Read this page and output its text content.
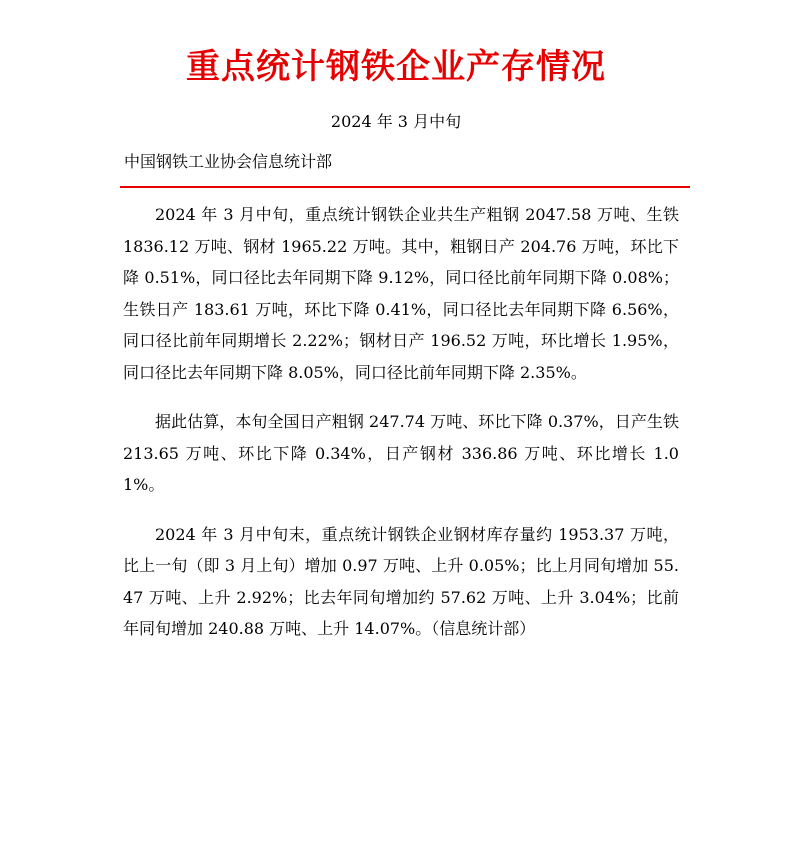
重点统计钢铁企业产存情况
2024 年 3 月中旬
中国钢铁工业协会信息统计部

2024 年 3 月中旬，重点统计钢铁企业共生产粗钢 2047.58 万吨、生铁 1836.12 万吨、钢材 1965.22 万吨。其中，粗钢日产 204.76 万吨，环比下降 0.51%，同口径比去年同期下降 9.12%，同口径比前年同期下降 0.08%；生铁日产 183.61 万吨，环比下降 0.41%，同口径比去年同期下降 6.56%，同口径比前年同期增长 2.22%；钢材日产 196.52 万吨，环比增长 1.95%，同口径比去年同期下降 8.05%，同口径比前年同期下降 2.35%。

据此估算，本旬全国日产粗钢 247.74 万吨、环比下降 0.37%，日产生铁 213.65 万吨、环比下降 0.34%，日产钢材 336.86 万吨、环比增长 1.01%。

2024 年 3 月中旬末，重点统计钢铁企业钢材库存量约 1953.37 万吨，比上一旬（即 3 月上旬）增加 0.97 万吨、上升 0.05%；比上月同旬增加 55.47 万吨、上升 2.92%；比去年同旬增加约 57.62 万吨、上升 3.04%；比前年同旬增加 240.88 万吨、上升 14.07%。（信息统计部）
